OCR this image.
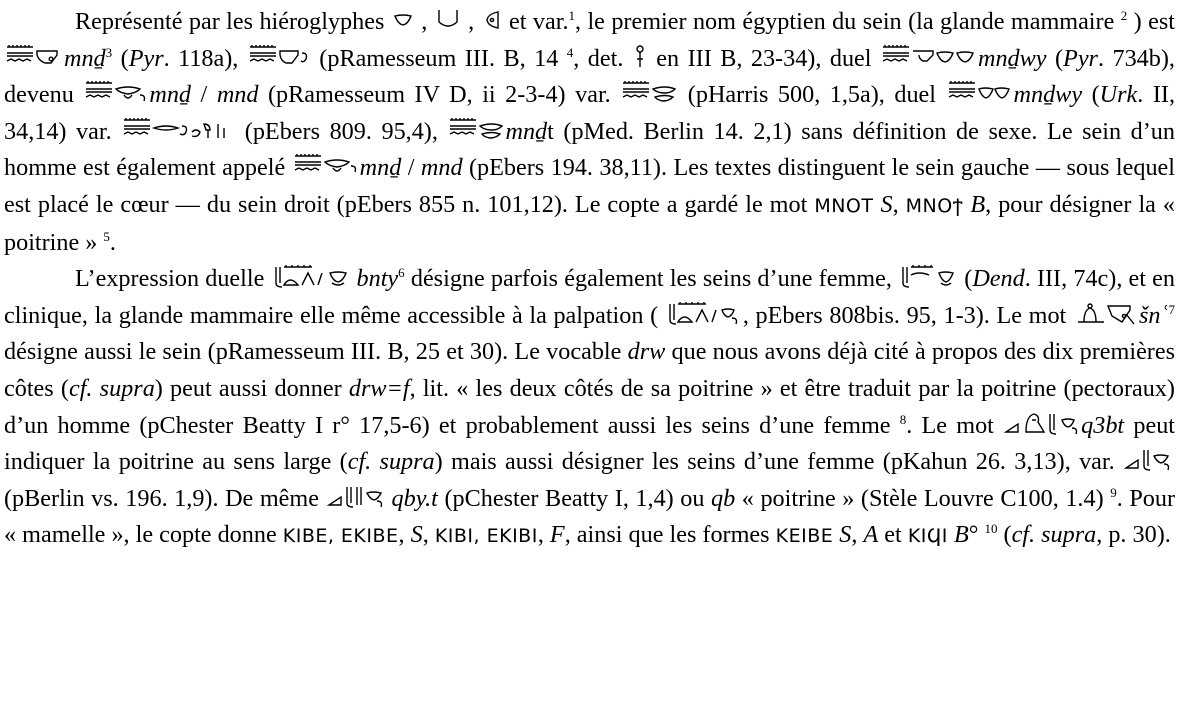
Représenté par les hiéroglyphes
,
,
et var.$^1$, le premier nom égyptien du sein (la glande mammaire $^2$ ) est
mnḏ$^3$ (Pyr. 118a),	(pRamesseum III. B, 14 $^4$, det.
en III B, 23-34), duel	mnḏwy (Pyr. 734b), devenu	mnḏ / mnd (pRamesseum IV D, ii 2-3-4) var.
(pHarris 500, 1,5a), duel	mnḏwy (Urk. II, 34,14) var.	(pEbers 809. 95,4),
mnḏt (pMed. Berlin 14. 2,1) sans définition de sexe. Le sein d’un homme est également appelé	mnḏ / mnd (pEbers 194. 38,11). Les textes distinguent le sein gauche — sous lequel est placé le cœur — du sein droit (pEbers 855 n. 101,12). Le copte a gardé le mot ΜΝΟΤ S, ΜΝΟϯ B, pour désigner la « poitrine » $^5$.

L’expression duelle	bnty$^6$ désigne parfois également les seins d’une femme,
(Dend. III, 74c), et en clinique, la glande mammaire elle même accessible à la palpation (	, pEbers 808bis. 95, 1-3). Le mot	šnʿ$^7$ désigne aussi le sein (pRamesseum III. B, 25 et 30). Le vocable drw que nous avons déjà cité à propos des dix premières côtes (cf. supra) peut aussi donner drw=f, lit. « les deux côtés de sa poitrine » et être traduit par la poitrine (pectoraux) d’un homme (pChester Beatty I r° 17,5-6) et probablement aussi les seins d’une femme $^8$. Le mot	q3bt peut indiquer la poitrine au sens large (cf. supra) mais aussi désigner les seins d’une femme (pKahun 26. 3,13), var.
(pBerlin vs. 196. 1,9). De même	qby.t (pChester Beatty I, 1,4) ou qb « poitrine » (Stèle Louvre C100, 1.4) $^9$. Pour « mamelle », le copte donne ΚΙΒΕ, ΕΚΙΒΕ, S, ΚΙΒΙ, ΕΚΙΒΙ, F, ainsi que les formes ΚΕΙΒΕ S, A et ΚΙϤΙ B° $^{10}$ (cf. supra, p. 30).
